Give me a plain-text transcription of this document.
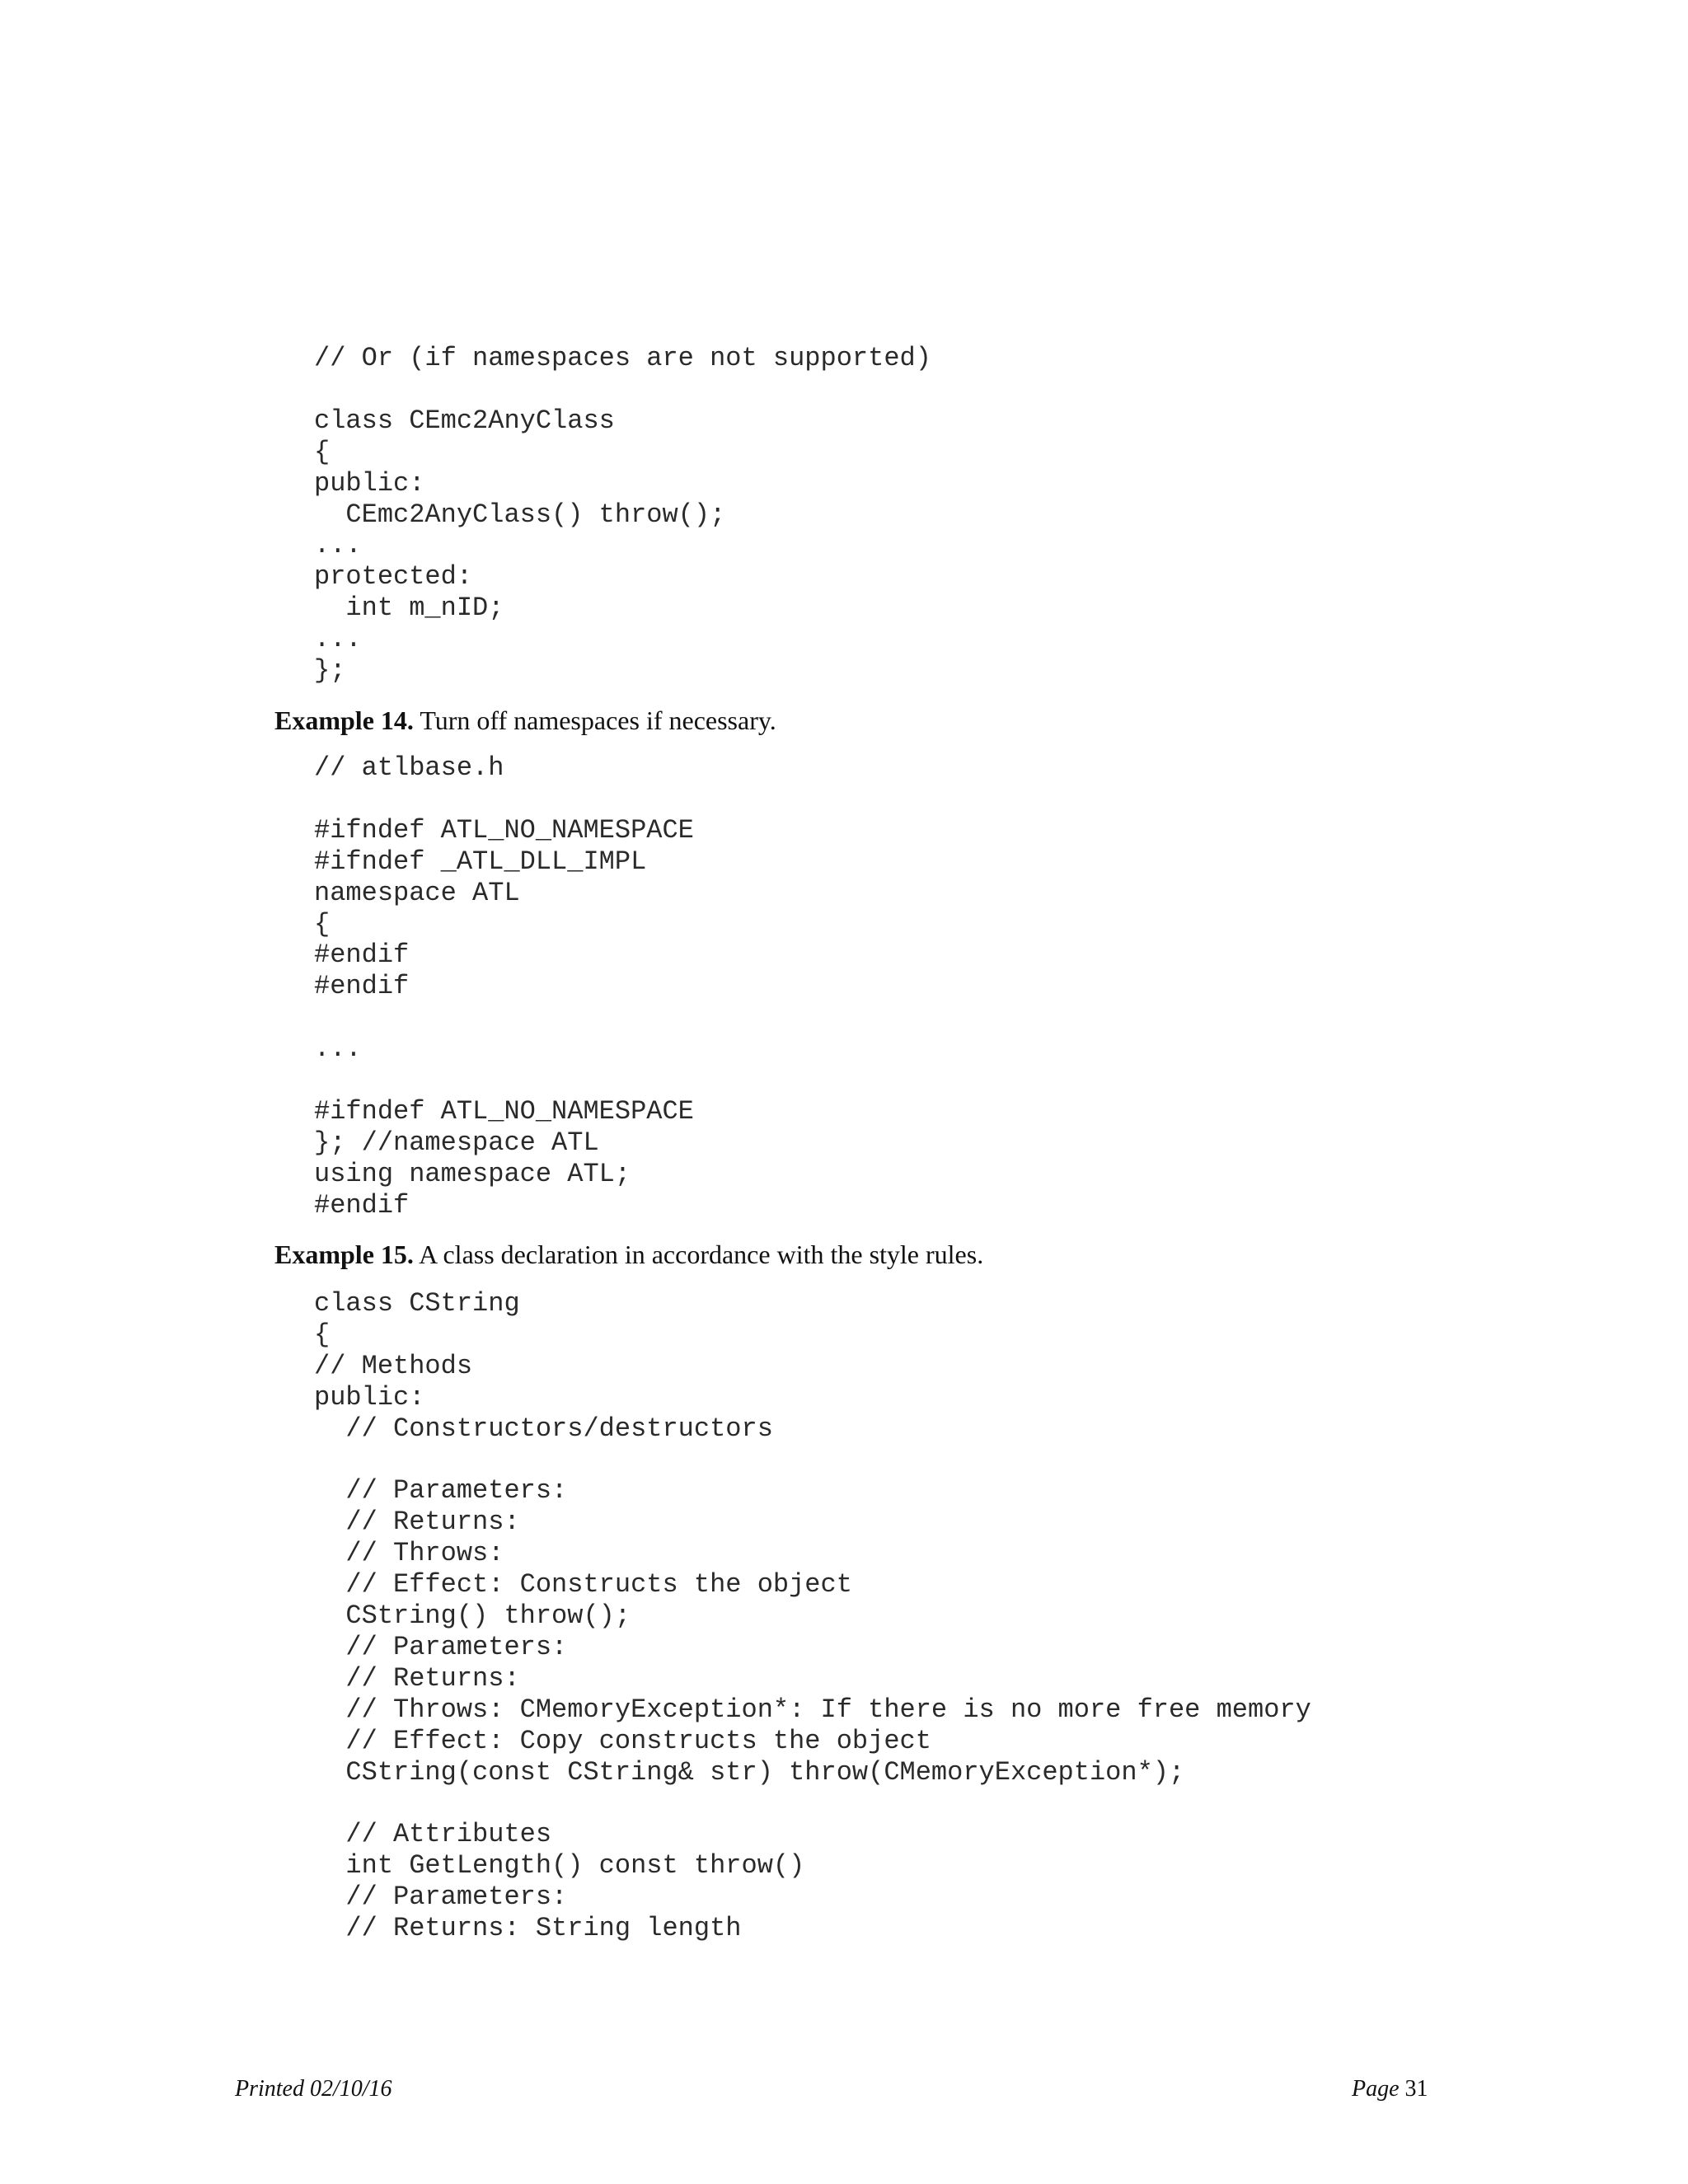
// Or (if namespaces are not supported)

class CEmc2AnyClass
{
public:
CEmc2AnyClass() throw();
...
protected:
int m_nID;
...
};

Example 14. Turn off namespaces if necessary.

// atlbase.h

#ifndef ATL_NO_NAMESPACE
#ifndef _ATL_DLL_IMPL
namespace ATL
{
#endif
#endif

...

#ifndef ATL_NO_NAMESPACE
}; //namespace ATL
using namespace ATL;
#endif

Example 15. A class declaration in accordance with the style rules.

class CString
{
// Methods
public:
// Constructors/destructors

// Parameters:
// Returns:
// Throws:
// Effect: Constructs the object
CString() throw();
// Parameters:
// Returns:
// Throws: CMemoryException*: If there is no more free memory
// Effect: Copy constructs the object
CString(const CString& str) throw(CMemoryException*);

// Attributes
int GetLength() const throw()
// Parameters:
// Returns: String length
Printed 02/10/16	Page 31
